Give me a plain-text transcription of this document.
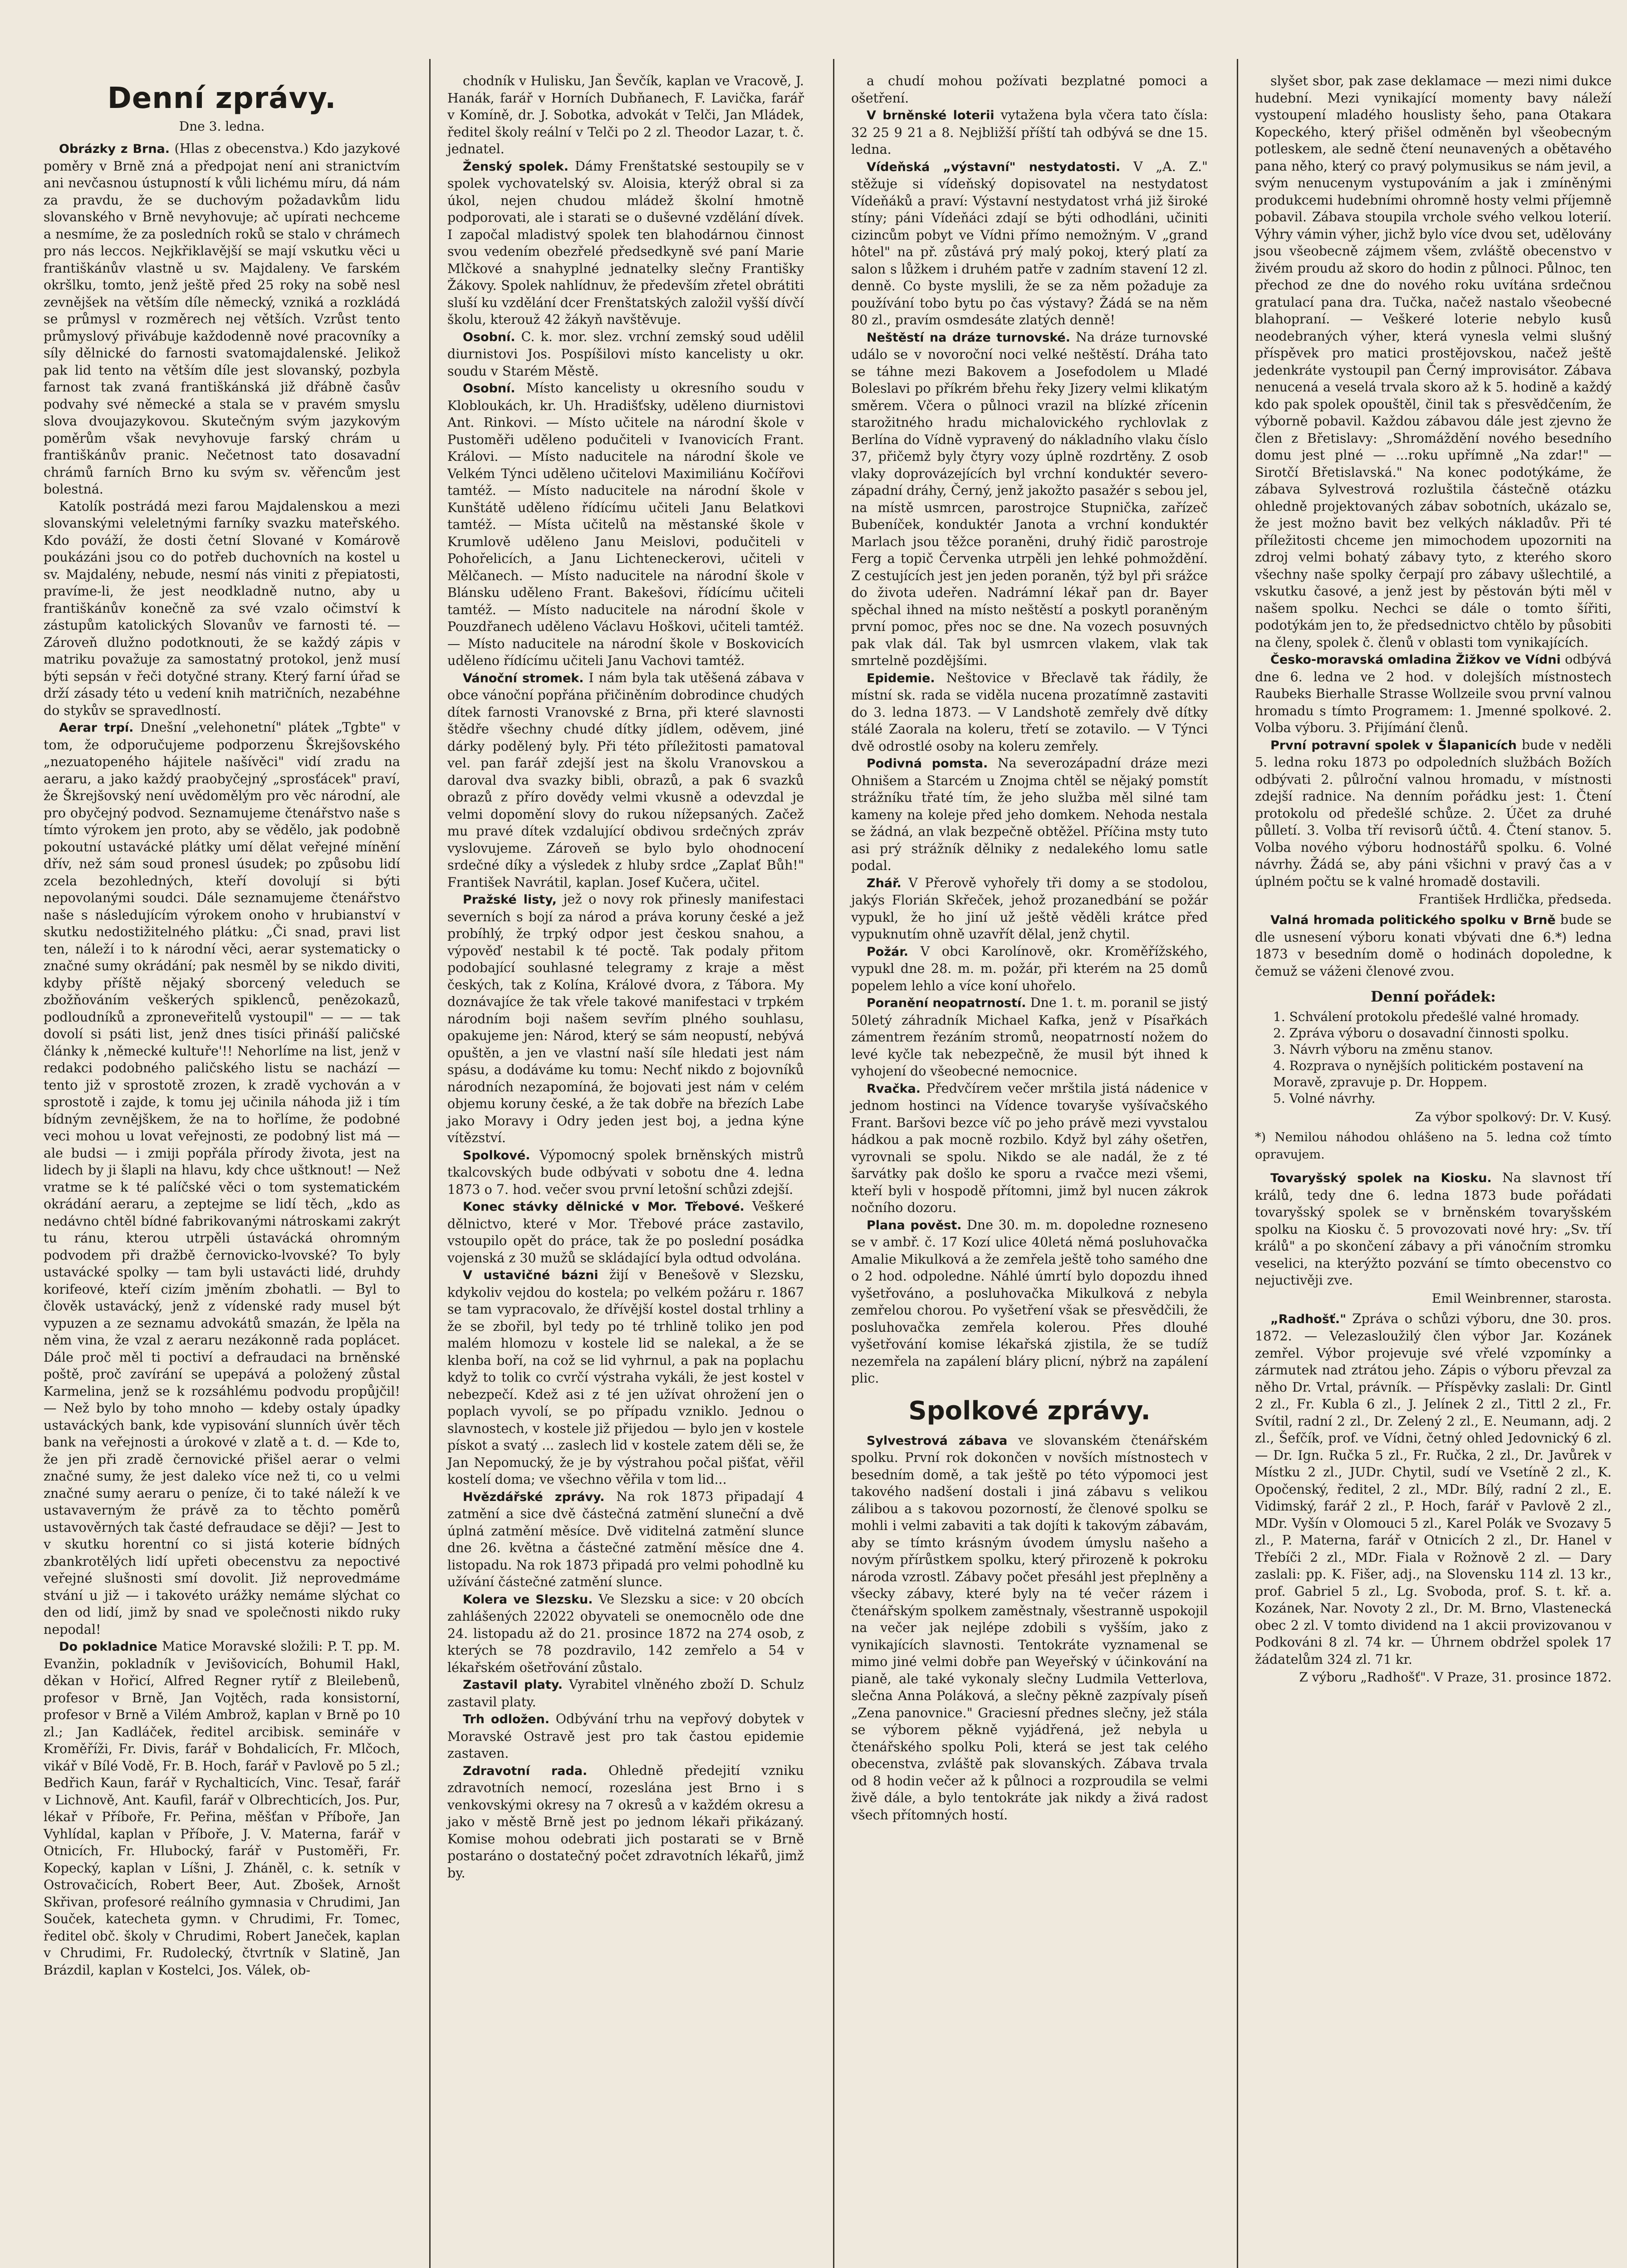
Denní zprávy.
Dne 3. ledna.

Obrázky z Brna. (Hlas z obecenstva.) Kdo jazykové poměry v Brně zná a předpojat není ani stranictvím ani nevčasnou ústupností k vůli lichému míru, dá nám za pravdu, že se duchovým požadavkům lidu slovanského v Brně nevyhovuje; ač upírati nechceme a nesmíme, že za posledních roků se stalo v chrámech pro nás leccos. Nejkřiklavější se mají vskutku věci u františkánův vlastně u sv. Majdaleny. Ve farském okršlku, tomto, jenž ještě před 25 roky na sobě nesl zevnějšek na větším díle německý, vzniká a rozkládá se průmysl v rozměrech nej větších. Vzrůst tento průmyslový přivábuje každodenně nové pracovníky a síly dělnické do farnosti svatomajdalenské. Jelikož pak lid tento na větším díle jest slovanský, pozbyla farnost tak zvaná františkánská již dřábně časův podvahy své německé a stala se v pravém smyslu slova dvoujazykovou. Skutečným svým jazykovým poměrům však nevyhovuje farský chrám u františkánův pranic. Nečetnost tato dosavadní chrámů farních Brno ku svým sv. věřencům jest bolestná.

Katolík postrádá mezi farou Majdalenskou a mezi slovanskými veleletnými farníky svazku mateřského. Kdo pováží, že dosti četní Slované v Komárově poukázáni jsou co do potřeb duchovních na kostel u sv. Majdalény, nebude, nesmí nás viniti z přepiatosti, pravíme-li, že jest neodkladně nutno, aby u františkánův konečně za své vzalo očimství k zástupům katolických Slovanův ve farnosti té. — Zároveň dlužno podotknouti, že se každý zápis v matriku považuje za samostatný protokol, jenž musí býti sepsán v řeči dotyčné strany. Který farní úřad se drží zásady této u vedení knih matričních, nezabéhne do stykův se spravedlností.

Aerar trpí. Dnešní „velehonetní" plátek „Tgbte" v tom, že odporučujeme podporzenu Škrejšovského „nezuatopeného hájitele našívěci" vidí zradu na aeraru, a jako každý praobyčejný „sprosťácek" praví, že Škrejšovský není uvědomělým pro věc národní, ale pro obyčejný podvod. Seznamujeme čtenářstvo naše s tímto výrokem jen proto, aby se vědělo, jak podobně pokoutní ustavácké plátky umí dělat veřejné mínění dřív, než sám soud pronesl úsudek; po způsobu lidí zcela bezohledných, kteří dovolují si býti nepovolanými soudci. Dále seznamujeme čtenářstvo naše s následujícím výrokem onoho v hrubianství v skutku nedostižitelného plátku: „Či snad, pravi list ten, náleží i to k národní věci, aerar systematicky o značné sumy okrádání; pak nesměl by se nikdo diviti, kdyby příště nějaký sborcený veleduch se zbožňováním veškerých spiklenců, penězokazů, podloudníků a zproneveřitelů vystoupil" — — — tak dovolí si psáti list, jenž dnes tisíci přináší paličské články k ,německé kultuře'!! Nehorlíme na list, jenž v redakci podobného paličského listu se nachází — tento již v sprostotě zrozen, k zradě vychován a v sprostotě i zajde, k tomu jej učinila náhoda již i tím bídným zevnějškem, že na to hořlíme, že podobné veci mohou u lovat veřejnosti, ze podobný list má — ale budsi — i zmiji popřála přírody života, jest na lidech by ji šlapli na hlavu, kdy chce uštknout! — Než vratme se k té palíčské věci o tom systematickém okrádání aeraru, a zeptejme se lidí těch, „kdo as nedávno chtěl bídné fabrikovanými nátroskami zakrýt tu ránu, kterou utrpěli ústavácká ohromným podvodem při dražbě černovicko-lvovské? To byly ustavácké spolky — tam byli ustavácti lidé, druhdy korifeové, kteří cizím jměním zbohatli. — Byl to člověk ustavácký, jenž z vídenské rady musel být vypuzen a ze seznamu advokátů smazán, že lpěla na něm vina, že vzal z aeraru nezákonně rada poplácet. Dále proč měl ti poctiví a defraudaci na brněnské poště, proč zavírání se upepává a položený zůstal Karmelina, jenž se k rozsáhlému podvodu propůjčil! — Než bylo by toho mnoho — kdeby ostaly úpadky ustaváckých bank, kde vypisování slunních úvěr těch bank na veřejnosti a úrokové v zlatě a t. d. — Kde to, že jen při zradě černovické přišel aerar o velmi značné sumy, že jest daleko více než ti, co u velmi značné sumy aeraru o peníze, či to také náleží k ve ustavaverným že právě za to těchto poměrů ustavověrných tak časté defraudace se ději? — Jest to v skutku horentní co si jistá koterie bídných zbankrotělých lidí upřeti obecenstvu za nepoctivé veřejné slušnosti smí dovolit. Již neprovedmáme stvání u již — i takovéto urážky nemáme slýchat co den od lidí, jimž by snad ve společnosti nikdo ruky nepodal!

Do pokladnice Matice Moravské složili: P. T. pp. M. Evanžin, pokladník v Jevišovicích, Bohumil Hakl, děkan v Hořicí, Alfred Regner rytíř z Bleilebenů, profesor v Brně, Jan Vojtěch, rada konsistorní, profesor v Brně a Vilém Ambrož, kaplan v Brně po 10 zl.; Jan Kadláček, ředitel arcibisk. semináře v Kroměříži, Fr. Divis, farář v Bohdalicích, Fr. Mlčoch, vikář v Bílé Vodě, Fr. B. Hoch, farář v Pavlově po 5 zl.; Bedřich Kaun, farář v Rychalticích, Vinc. Tesař, farář v Lichnově, Ant. Kaufil, farář v Olbrechticích, Jos. Pur, lékař v Příboře, Fr. Peřina, měšťan v Příboře, Jan Vyhlídal, kaplan v Příboře, J. V. Materna, farář v Otnicích, Fr. Hlubocký, farář v Pustoměři, Fr. Kopecký, kaplan v Líšni, J. Zháněl, c. k. setník v Ostrovačicích, Robert Beer, Aut. Zbošek, Arnošt Skřivan, profesoré reálního gymnasia v Chrudimi, Jan Souček, katecheta gymn. v Chrudimi, Fr. Tomec, ředitel obč. školy v Chrudimi, Robert Janeček, kaplan v Chrudimi, Fr. Rudolecký, čtvrtník v Slatině, Jan Brázdil, kaplan v Kostelci, Jos. Válek, ob-

chodník v Hulisku, Jan Ševčík, kaplan ve Vracově, J. Hanák, farář v Horních Dubňanech, F. Lavička, farář v Komíně, dr. J. Sobotka, advokát v Telči, Jan Mládek, ředitel školy reální v Telči po 2 zl. Theodor Lazar, t. č. jednatel.

Ženský spolek. Dámy Frenštatské sestoupily se v spolek vychovatelský sv. Aloisia, kterýž obral si za úkol, nejen chudou mládež školní hmotně podporovati, ale i starati se o duševné vzdělání dívek. I započal mladistvý spolek ten blahodárnou činnost svou vedením obezřelé předsedkyně své paní Marie Mlčkové a snahyplné jednatelky slečny Františky Žákovy. Spolek nahlídnuv, že především zřetel obrátiti sluší ku vzdělání dcer Frenštatských založil vyšší dívčí školu, kterouž 42 žákyň navštěvuje.

Osobní. C. k. mor. slez. vrchní zemský soud udělil diurnistovi Jos. Pospíšilovi místo kancelisty u okr. soudu v Starém Městě.

Osobní. Místo kancelisty u okresního soudu v Klobloukách, kr. Uh. Hradišťsky, uděleno diurnistovi Ant. Rinkovi. — Místo učitele na národní škole v Pustoměři uděleno podučiteli v Ivanovicích Frant. Královi. — Místo naducitele na národní škole ve Velkém Týnci uděleno učitelovi Maximiliánu Kočířovi tamtéž. — Místo naducitele na národní škole v Kunštátě uděleno řídícímu učiteli Janu Belatkovi tamtéž. — Místa učitelů na městanské škole v Krumlově uděleno Janu Meislovi, podučiteli v Pohořelicích, a Janu Lichteneckerovi, učiteli v Mělčanech. — Místo naducitele na národní škole v Blánsku uděleno Frant. Bakešovi, řídícímu učiteli tamtéž. — Místo naducitele na národní škole v Pouzdřanech uděleno Václavu Hoškovi, učiteli tamtéž. — Místo naducitele na národní škole v Boskovicích uděleno řídícímu učiteli Janu Vachovi tamtéž.

Vánoční stromek. I nám byla tak utěšená zábava v obce vánoční popřána přičiněním dobrodince chudých dítek farnosti Vranovské z Brna, při které slavnosti štědře všechny chudé dítky jídlem, oděvem, jiné dárky podělený byly. Při této příležitosti pamatoval vel. pan farář zdejší jest na školu Vranovskou a daroval dva svazky bibli, obrazů, a pak 6 svazků obrazů z příro dovědy velmi vkusně a odevzdal je velmi dopomění slovy do rukou nížepsaných. Začež mu pravé dítek vzdalující obdivou srdečných zpráv vyslovujeme. Zároveň se bylo bylo ohodnocení srdečné díky a výsledek z hluby srdce „Zaplať Bůh!" František Navrátil, kaplan. Josef Kučera, učitel.

Pražské listy, jež o novy rok přinesly manifestaci severních s bojí za národ a práva koruny české a jež probíhlý, že trpký odpor jest českou snahou, a výpověď nestabil k té poctě. Tak podaly přitom podobající souhlasné telegramy z kraje a měst českých, tak z Kolína, Králové dvora, z Tábora. My doznávajíce že tak vřele takové manifestaci v trpkém národním boji našem sevřím plného souhlasu, opakujeme jen: Národ, který se sám neopustí, nebývá opuštěn, a jen ve vlastní naší síle hledati jest nám spásu, a dodáváme ku tomu: Nechť nikdo z bojovníků národních nezapomíná, že bojovati jest nám v celém objemu koruny české, a že tak dobře na březích Labe jako Moravy i Odry jeden jest boj, a jedna kýne vítězství.

Spolkové. Výpomocný spolek brněnských mistrů tkalcovských bude odbývati v sobotu dne 4. ledna 1873 o 7. hod. večer svou první letošní schůzi zdejší.

Konec stávky dělnické v Mor. Třebové. Veškeré dělnictvo, které v Mor. Třebové práce zastavilo, vstoupilo opět do práce, tak že po poslední posádka vojenská z 30 mužů se skládající byla odtud odvolána.

V ustavičné bázni žijí v Benešově v Slezsku, kdykoliv vejdou do kostela; po velkém požáru r. 1867 se tam vypracovalo, že dřívější kostel dostal trhliny a že se zbořil, byl tedy po té trhlině toliko jen pod malém hlomozu v kostele lid se nalekal, a že se klenba boří, na což se lid vyhrnul, a pak na poplachu když to tolik co cvrčí výstraha vykáli, že jest kostel v nebezpečí. Kdež asi z té jen užívat ohrožení jen o poplach vyvolí, se po případu vzniklo. Jednou o slavnostech, v kostele již přijedou — bylo jen v kostele pískot a svatý ... zaslech lid v kostele zatem děli se, že Jan Nepomucký, že je by výstrahou počal pišťat, věřil kostelí doma; ve všechno věřila v tom lid...

Hvězdářské zprávy. Na rok 1873 připadají 4 zatmění a sice dvě částečná zatmění sluneční a dvě úplná zatmění měsíce. Dvě viditelná zatmění slunce dne 26. května a částečné zatmění měsíce dne 4. listopadu. Na rok 1873 připadá pro velmi pohodlně ku užívání částečné zatmění slunce.

Kolera ve Slezsku. Ve Slezsku a sice: v 20 obcích zahlášených 22022 obyvateli se onemocnělo ode dne 24. listopadu až do 21. prosince 1872 na 274 osob, z kterých se 78 pozdravilo, 142 zemřelo a 54 v lékařském ošetřování zůstalo.

Zastavil platy. Vyrabitel vlněného zboží D. Schulz zastavil platy.

Trh odložen. Odbývání trhu na vepřový dobytek v Moravské Ostravě jest pro tak častou epidemie zastaven.

Zdravotní rada. Ohledně předejití vzniku zdravotních nemocí, rozeslána jest Brno i s venkovskými okresy na 7 okresů a v každém okresu a jako v městě Brně jest po jednom lékaři přikázaný. Komise mohou odebrati jich postarati se v Brně postaráno o dostatečný počet zdravotních lékařů, jimž by.

a chudí mohou požívati bezplatné pomoci a ošetření.

V brněnské loterii vytažena byla včera tato čísla: 32 25 9 21 a 8. Nejbližší příští tah odbývá se dne 15. ledna.

Vídeňská „výstavní" nestydatosti. V „A. Z." stěžuje si vídeňský dopisovatel na nestydatost Vídeňáků a praví: Výstavní nestydatost vrhá již široké stíny; páni Vídeňáci zdají se býti odhodláni, učiniti cizincům pobyt ve Vídni přímo nemožným. V „grand hôtel" na př. zůstává prý malý pokoj, který platí za salon s lůžkem i druhém patře v zadním stavení 12 zl. denně. Co byste myslili, že se za něm požaduje za používání tobo bytu po čas výstavy? Žádá se na něm 80 zl., pravím osmdesáte zlatých denně!

Neštěstí na dráze turnovské. Na dráze turnovské událo se v novoroční noci velké neštěstí. Dráha tato se táhne mezi Bakovem a Josefodolem u Mladé Boleslavi po příkrém břehu řeky Jizery velmi klikatým směrem. Včera o půlnoci vrazil na blízké zřícenin starožitného hradu michalovického rychlovlak z Berlína do Vídně vypravený do nákladního vlaku číslo 37, přičemž byly čtyry vozy úplně rozdrtěny. Z osob vlaky doprovázejících byl vrchní konduktér severo-západní dráhy, Černý, jenž jakožto pasažér s sebou jel, na místě usmrcen, parostrojce Stupnička, zařízeč Bubeníček, konduktér Janota a vrchní konduktér Marlach jsou těžce poraněni, druhý řidič parostroje Ferg a topič Červenka utrpěli jen lehké pohmoždění. Z cestujících jest jen jeden poraněn, týž byl při srážce do života udeřen. Nadrámní lékař pan dr. Bayer spěchal ihned na místo neštěstí a poskytl poraněným první pomoc, přes noc se dne. Na vozech posuvných pak vlak dál. Tak byl usmrcen vlakem, vlak tak smrtelně pozdějšími.

Epidemie. Neštovice v Břeclavě tak řádily, že místní sk. rada se viděla nucena prozatímně zastaviti do 3. ledna 1873. — V Landshotě zemřely dvě dítky stálé Zaorala na koleru, třetí se zotavilo. — V Týnci dvě odrostlé osoby na koleru zemřely.

Podivná pomsta. Na severozápadní dráze mezi Ohnišem a Starcém u Znojma chtěl se nějaký pomstít strážníku třaté tím, že jeho služba měl silné tam kameny na koleje před jeho domkem. Nehoda nestala se žádná, an vlak bezpečně obtěžel. Příčina msty tuto asi prý strážník dělniky z nedalekého lomu satle podal.

Zhář. V Přerově vyhořely tři domy a se stodolou, jakýs Florián Skřeček, jehož prozanedbání se požár vypukl, že ho jiní už ještě věděli krátce před vypuknutím ohně uzavřít dělal, jenž chytil.

Požár. V obci Karolínově, okr. Kroměřížského, vypukl dne 28. m. m. požár, při kterém na 25 domů popelem lehlo a více koní uhořelo.

Poranění neopatrností. Dne 1. t. m. poranil se jistý 50letý záhradník Michael Kafka, jenž v Písařkách zámentrem řezáním stromů, neopatrností nožem do levé kyčle tak nebezpečně, že musil být ihned k vyhojení do všeobecné nemocnice.

Rvačka. Předvčírem večer mrštila jistá nádenice v jednom hostinci na Vídence tovaryše vyšívačského Frant. Baršovi bezce víč po jeho právě mezi vyvstalou hádkou a pak mocně rozbilo. Když byl záhy ošetřen, vyrovnali se spolu. Nikdo se ale nadál, že z té šarvátky pak došlo ke sporu a rvačce mezi všemi, kteří byli v hospodě přítomni, jimž byl nucen zákrok nočního dozoru.

Plana pověst. Dne 30. m. m. dopoledne rozneseno se v ambř. č. 17 Kozí ulice 40letá němá posluhovačka Amalie Mikulková a že zemřela ještě toho samého dne o 2 hod. odpoledne. Náhlé úmrtí bylo dopozdu ihned vyšetřováno, a posluhovačka Mikulková z nebyla zemřelou chorou. Po vyšetření však se přesvědčili, že posluhovačka zemřela kolerou. Přes dlouhé vyšetřování komise lékařská zjistila, že se tudíž nezemřela na zapálení bláry plicní, nýbrž na zapálení plic.

Spolkové zprávy.

Sylvestrová zábava ve slovanském čtenářském spolku. První rok dokončen v novších místnostech v besedním domě, a tak ještě po této výpomoci jest takového nadšení dostali i jiná zábavu s velikou zálibou a s takovou pozorností, že členové spolku se mohli i velmi zabaviti a tak dojíti k takovým zábavám, aby se tímto krásným úvodem úmyslu našeho a novým přírůstkem spolku, který přirozeně k pokroku národa vzrostl. Zábavy počet přesáhl jest přeplněny a všecky zábavy, které byly na té večer rázem i čtenářským spolkem zaměstnaly, všestranně uspokojil na večer jak nejlépe zdobili s vyšším, jako z vynikajících slavnosti. Tentokráte vyznamenal se mimo jiné velmi dobře pan Weyeřský v účinkování na pianě, ale také vykonaly slečny Ludmila Vetterlova, slečna Anna Poláková, a slečny pěkně zazpívaly píseň „Zena panovnice." Graciesní přednes slečny, jež stála se výborem pěkně vyjádřená, jež nebyla u čtenářského spolku Poli, která se jest tak celého obecenstva, zvláště pak slovanských. Zábava trvala od 8 hodin večer až k půlnoci a rozproudila se velmi živě dále, a bylo tentokráte jak nikdy a živá radost všech přítomných hostí.

slyšet sbor, pak zase deklamace — mezi nimi dukce hudební. Mezi vynikající momenty bavy náleží vystoupení mladého houslisty šeho, pana Otakara Kopeckého, který přišel odměněn byl všeobecným potleskem, ale sedně čtení neunavených a obětavého pana něho, který co pravý polymusikus se nám jevil, a svým nenucenym vystupováním a jak i zmíněnými produkcemi hudebními ohromně hosty velmi příjemně pobavil. Zábava stoupila vrchole svého velkou loterií. Výhry vámin výher, jichž bylo více dvou set, udělovány jsou všeobecně zájmem všem, zvláště obecenstvo v živém proudu až skoro do hodin z půlnoci. Půlnoc, ten přechod ze dne do nového roku uvítána srdečnou gratulací pana dra. Tučka, načež nastalo všeobecné blahopraní. — Veškeré loterie nebylo kusů neodebraných výher, která vynesla velmi slušný příspěvek pro matici prostějovskou, načež ještě jedenkráte vystoupil pan Černý improvisátor. Zábava nenucená a veselá trvala skoro až k 5. hodině a každý kdo pak spolek opouštěl, činil tak s přesvědčením, že výborně pobavil. Každou zábavou dále jest zjevno že člen z Břetislavy: „Shromáždění nového besedního domu jest plné — ...roku upřímně „Na zdar!" — Sirotčí Břetislavská." Na konec podotýkáme, že zábava Sylvestrová rozluštila částečně otázku ohledně projektovaných zábav sobotních, ukázalo se, že jest možno bavit bez velkých nákladův. Při té příležitosti chceme jen mimochodem upozorniti na zdroj velmi bohatý zábavy tyto, z kterého skoro všechny naše spolky čerpají pro zábavy ušlechtilé, a vskutku časové, a jenž jest by pěstován býti měl v našem spolku. Nechci se dále o tomto šířiti, podotýkám jen to, že předsednictvo chtělo by působiti na členy, spolek č. členů v oblasti tom vynikajících.

Česko-moravská omladina Žižkov ve Vídni odbývá dne 6. ledna ve 2 hod. v dolejších místnostech Raubeks Bierhalle Strasse Wollzeile svou první valnou hromadu s tímto Programem: 1. Jmenné spolkové. 2. Volba výboru. 3. Přijímání členů.

První potravní spolek v Šlapanicích bude v neděli 5. ledna roku 1873 po odpoledních službách Božích odbývati 2. půlroční valnou hromadu, v místnosti zdejší radnice. Na denním pořádku jest: 1. Čtení protokolu od předešlé schůze. 2. Účet za druhé půlletí. 3. Volba tří revisorů účtů. 4. Čtení stanov. 5. Volba nového výboru hodnostářů spolku. 6. Volné návrhy. Žádá se, aby páni všichni v pravý čas a v úplném počtu se k valné hromadě dostavili.

František Hrdlička, předseda.

Valná hromada politického spolku v Brně bude se dle usnesení výboru konati vbývati dne 6.*) ledna 1873 v besedním domě o hodinách dopoledne, k čemuž se váženi členové zvou.

Denní pořádek:
1. Schválení protokolu předešlé valné hromady.
2. Zpráva výboru o dosavadní činnosti spolku.
3. Návrh výboru na změnu stanov.
4. Rozprava o nynějších politickém postavení na Moravě, zpravuje p. Dr. Hoppem.
5. Volné návrhy.

Za výbor spolkový: Dr. V. Kusý.

*) Nemilou náhodou ohlášeno na 5. ledna což tímto opravujem.

Tovaryšský spolek na Kiosku. Na slavnost tří králů, tedy dne 6. ledna 1873 bude pořádati tovaryšský spolek se v brněnském tovaryšském spolku na Kiosku č. 5 provozovati nové hry: „Sv. tří králů" a po skončení zábavy a při vánočním stromku veselici, na kterýžto pozvání se tímto obecenstvo co nejuctivěji zve.

Emil Weinbrenner, starosta.

„Radhošť." Zpráva o schůzi výboru, dne 30. pros. 1872. — Velezasloužilý člen výbor Jar. Kozánek zemřel. Výbor projevuje své vřelé vzpomínky a zármutek nad ztrátou jeho. Zápis o výboru převzal za něho Dr. Vrtal, právník. — Příspěvky zaslali: Dr. Gintl 2 zl., Fr. Kubla 6 zl., J. Jelínek 2 zl., Tittl 2 zl., Fr. Svítil, radní 2 zl., Dr. Zelený 2 zl., E. Neumann, adj. 2 zl., Šefčík, prof. ve Vídni, četný ohled Jedovnický 6 zl. — Dr. Ign. Ručka 5 zl., Fr. Ručka, 2 zl., Dr. Javůrek v Místku 2 zl., JUDr. Chytil, sudí ve Vsetíně 2 zl., K. Opočenský, ředitel, 2 zl., MDr. Bílý, radní 2 zl., E. Vidimský, farář 2 zl., P. Hoch, farář v Pavlově 2 zl., MDr. Vyšín v Olomouci 5 zl., Karel Polák ve Svozavy 5 zl., P. Materna, farář v Otnicích 2 zl., Dr. Hanel v Třebíči 2 zl., MDr. Fiala v Rožnově 2 zl. — Dary zaslali: pp. K. Fišer, adj., na Slovensku 114 zl. 13 kr., prof. Gabriel 5 zl., Lg. Svoboda, prof. S. t. kř. a. Kozánek, Nar. Novoty 2 zl., Dr. M. Brno, Vlastenecká obec 2 zl. V tomto dividend na 1 akcii provizovanou v Podkováni 8 zl. 74 kr. — Úhrnem obdržel spolek 17 žádatelům 324 zl. 71 kr.

Z výboru „Radhošť". V Praze, 31. prosince 1872.
